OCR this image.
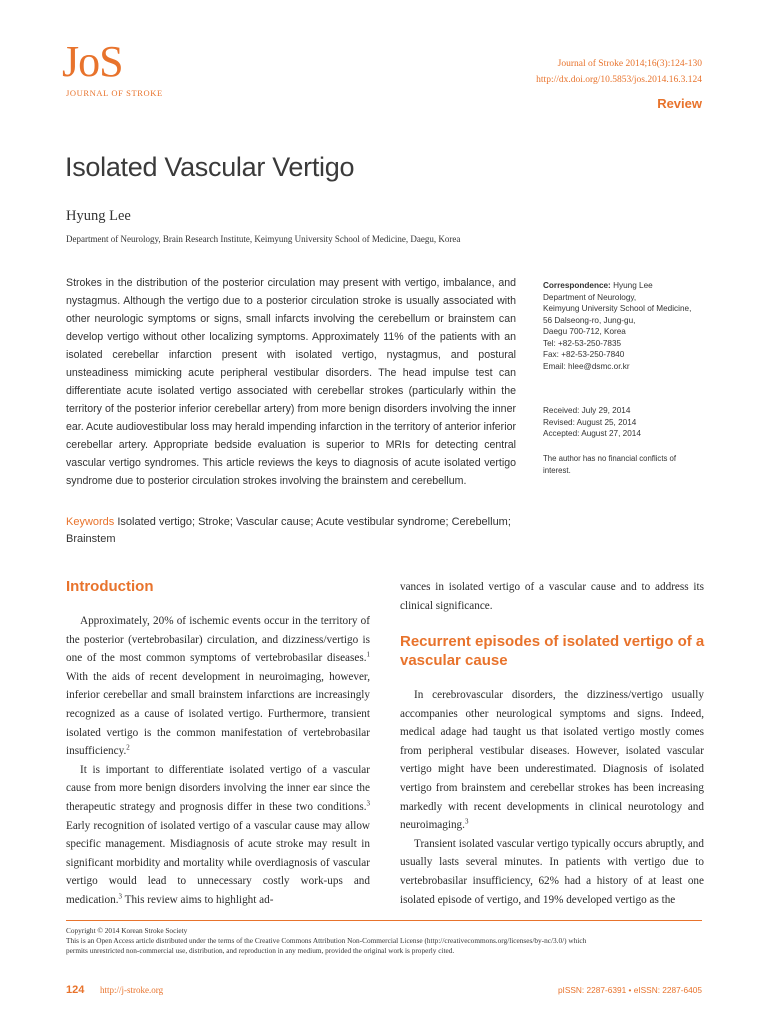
JoS
JOURNAL OF STROKE
Journal of Stroke 2014;16(3):124-130
http://dx.doi.org/10.5853/jos.2014.16.3.124
Review
Isolated Vascular Vertigo
Hyung Lee
Department of Neurology, Brain Research Institute, Keimyung University School of Medicine, Daegu, Korea

Strokes in the distribution of the posterior circulation may present with vertigo, imbalance, and nystagmus. Although the vertigo due to a posterior circulation stroke is usually associated with other neurologic symptoms or signs, small infarcts involving the cerebellum or brainstem can develop vertigo without other localizing symptoms. Approximately 11% of the patients with an isolated cerebellar infarction present with isolated vertigo, nystagmus, and postural unsteadiness mimicking acute peripheral vestibular disorders. The head impulse test can differentiate acute isolated vertigo associated with cerebellar strokes (particularly within the territory of the posterior inferior cerebellar artery) from more benign disorders involving the inner ear. Acute audiovestibular loss may herald impending infarction in the territory of anterior inferior cerebellar artery. Appropriate bedside evaluation is superior to MRIs for detecting central vascular vertigo syndromes. This article reviews the keys to diagnosis of acute isolated vertigo syndrome due to posterior circulation strokes involving the brainstem and cerebellum.

Correspondence: Hyung Lee
Department of Neurology,
Keimyung University School of Medicine,
56 Dalseong-ro, Jung-gu,
Daegu 700-712, Korea
Tel: +82-53-250-7835
Fax: +82-53-250-7840
Email: hlee@dsmc.or.kr
Received: July 29, 2014
Revised: August 25, 2014
Accepted: August 27, 2014
The author has no financial conflicts of
interest.
Keywords Isolated vertigo; Stroke; Vascular cause; Acute vestibular syndrome; Cerebellum; Brainstem
Introduction

Approximately, 20% of ischemic events occur in the territory of the posterior (vertebrobasilar) circulation, and dizziness/vertigo is one of the most common symptoms of vertebrobasilar diseases.$^1$ With the aids of recent development in neuroimaging, however, inferior cerebellar and small brainstem infarctions are increasingly recognized as a cause of isolated vertigo. Furthermore, transient isolated vertigo is the common manifestation of vertebrobasilar insufficiency.$^2$

It is important to differentiate isolated vertigo of a vascular cause from more benign disorders involving the inner ear since the therapeutic strategy and prognosis differ in these two conditions.$^3$ Early recognition of isolated vertigo of a vascular cause may allow specific management. Misdiagnosis of acute stroke may result in significant morbidity and mortality while overdiagnosis of vascular vertigo would lead to unnecessary costly work-ups and medication.$^3$ This review aims to highlight ad-

vances in isolated vertigo of a vascular cause and to address its clinical significance.

Recurrent episodes of isolated vertigo of a vascular cause

In cerebrovascular disorders, the dizziness/vertigo usually accompanies other neurological symptoms and signs. Indeed, medical adage had taught us that isolated vertigo mostly comes from peripheral vestibular diseases. However, isolated vascular vertigo might have been underestimated. Diagnosis of isolated vertigo from brainstem and cerebellar strokes has been increasing markedly with recent developments in clinical neurotology and neuroimaging.$^3$

Transient isolated vascular vertigo typically occurs abruptly, and usually lasts several minutes. In patients with vertigo due to vertebrobasilar insufficiency, 62% had a history of at least one isolated episode of vertigo, and 19% developed vertigo as the

Copyright © 2014 Korean Stroke Society
This is an Open Access article distributed under the terms of the Creative Commons Attribution Non-Commercial License (http://creativecommons.org/licenses/by-nc/3.0/) which
permits unrestricted non-commercial use, distribution, and reproduction in any medium, provided the original work is properly cited.
124 http://j-stroke.org	pISSN: 2287-6391 • eISSN: 2287-6405
